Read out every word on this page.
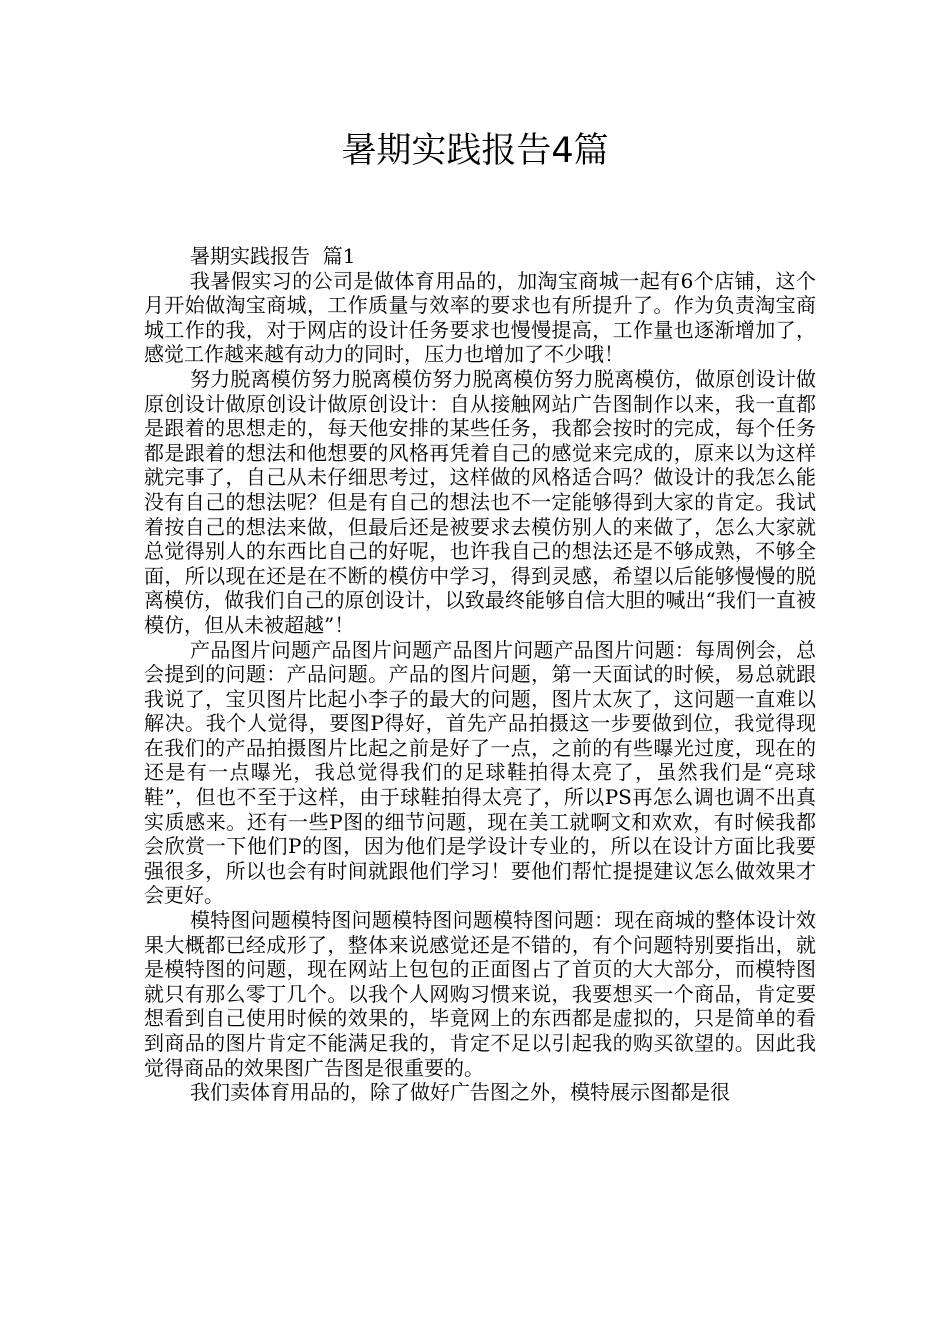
暑期实践报告4篇

暑期实践报告  篇1

我暑假实习的公司是做体育用品的，加淘宝商城一起有6个店铺，这个月开始做淘宝商城，工作质量与效率的要求也有所提升了。作为负责淘宝商城工作的我，对于网店的设计任务要求也慢慢提高，工作量也逐渐增加了，感觉工作越来越有动力的同时，压力也增加了不少哦！

努力脱离模仿努力脱离模仿努力脱离模仿努力脱离模仿，做原创设计做原创设计做原创设计做原创设计：自从接触网站广告图制作以来，我一直都是跟着的思想走的，每天他安排的某些任务，我都会按时的完成，每个任务都是跟着的想法和他想要的风格再凭着自己的感觉来完成的，原来以为这样就完事了，自己从未仔细思考过，这样做的风格适合吗？做设计的我怎么能没有自己的想法呢？但是有自己的想法也不一定能够得到大家的肯定。我试着按自己的想法来做，但最后还是被要求去模仿别人的来做了，怎么大家就总觉得别人的东西比自己的好呢，也许我自己的想法还是不够成熟，不够全面，所以现在还是在不断的模仿中学习，得到灵感，希望以后能够慢慢的脱离模仿，做我们自己的原创设计，以致最终能够自信大胆的喊出“我们一直被模仿，但从未被超越”！

产品图片问题产品图片问题产品图片问题产品图片问题：每周例会，总会提到的问题：产品问题。产品的图片问题，第一天面试的时候，易总就跟我说了，宝贝图片比起小李子的最大的问题，图片太灰了，这问题一直难以解决。我个人觉得，要图P得好，首先产品拍摄这一步要做到位，我觉得现在我们的产品拍摄图片比起之前是好了一点，之前的有些曝光过度，现在的还是有一点曝光，我总觉得我们的足球鞋拍得太亮了，虽然我们是“亮球鞋”，但也不至于这样，由于球鞋拍得太亮了，所以PS再怎么调也调不出真实质感来。还有一些P图的细节问题，现在美工就啊文和欢欢，有时候我都会欣赏一下他们P的图，因为他们是学设计专业的，所以在设计方面比我要强很多，所以也会有时间就跟他们学习！要他们帮忙提提建议怎么做效果才会更好。

模特图问题模特图问题模特图问题模特图问题：现在商城的整体设计效果大概都已经成形了，整体来说感觉还是不错的，有个问题特别要指出，就是模特图的问题，现在网站上包包的正面图占了首页的大大部分，而模特图就只有那么零丁几个。以我个人网购习惯来说，我要想买一个商品，肯定要想看到自己使用时候的效果的，毕竟网上的东西都是虚拟的，只是简单的看到商品的图片肯定不能满足我的，肯定不足以引起我的购买欲望的。因此我觉得商品的效果图广告图是很重要的。

我们卖体育用品的，除了做好广告图之外，模特展示图都是很
